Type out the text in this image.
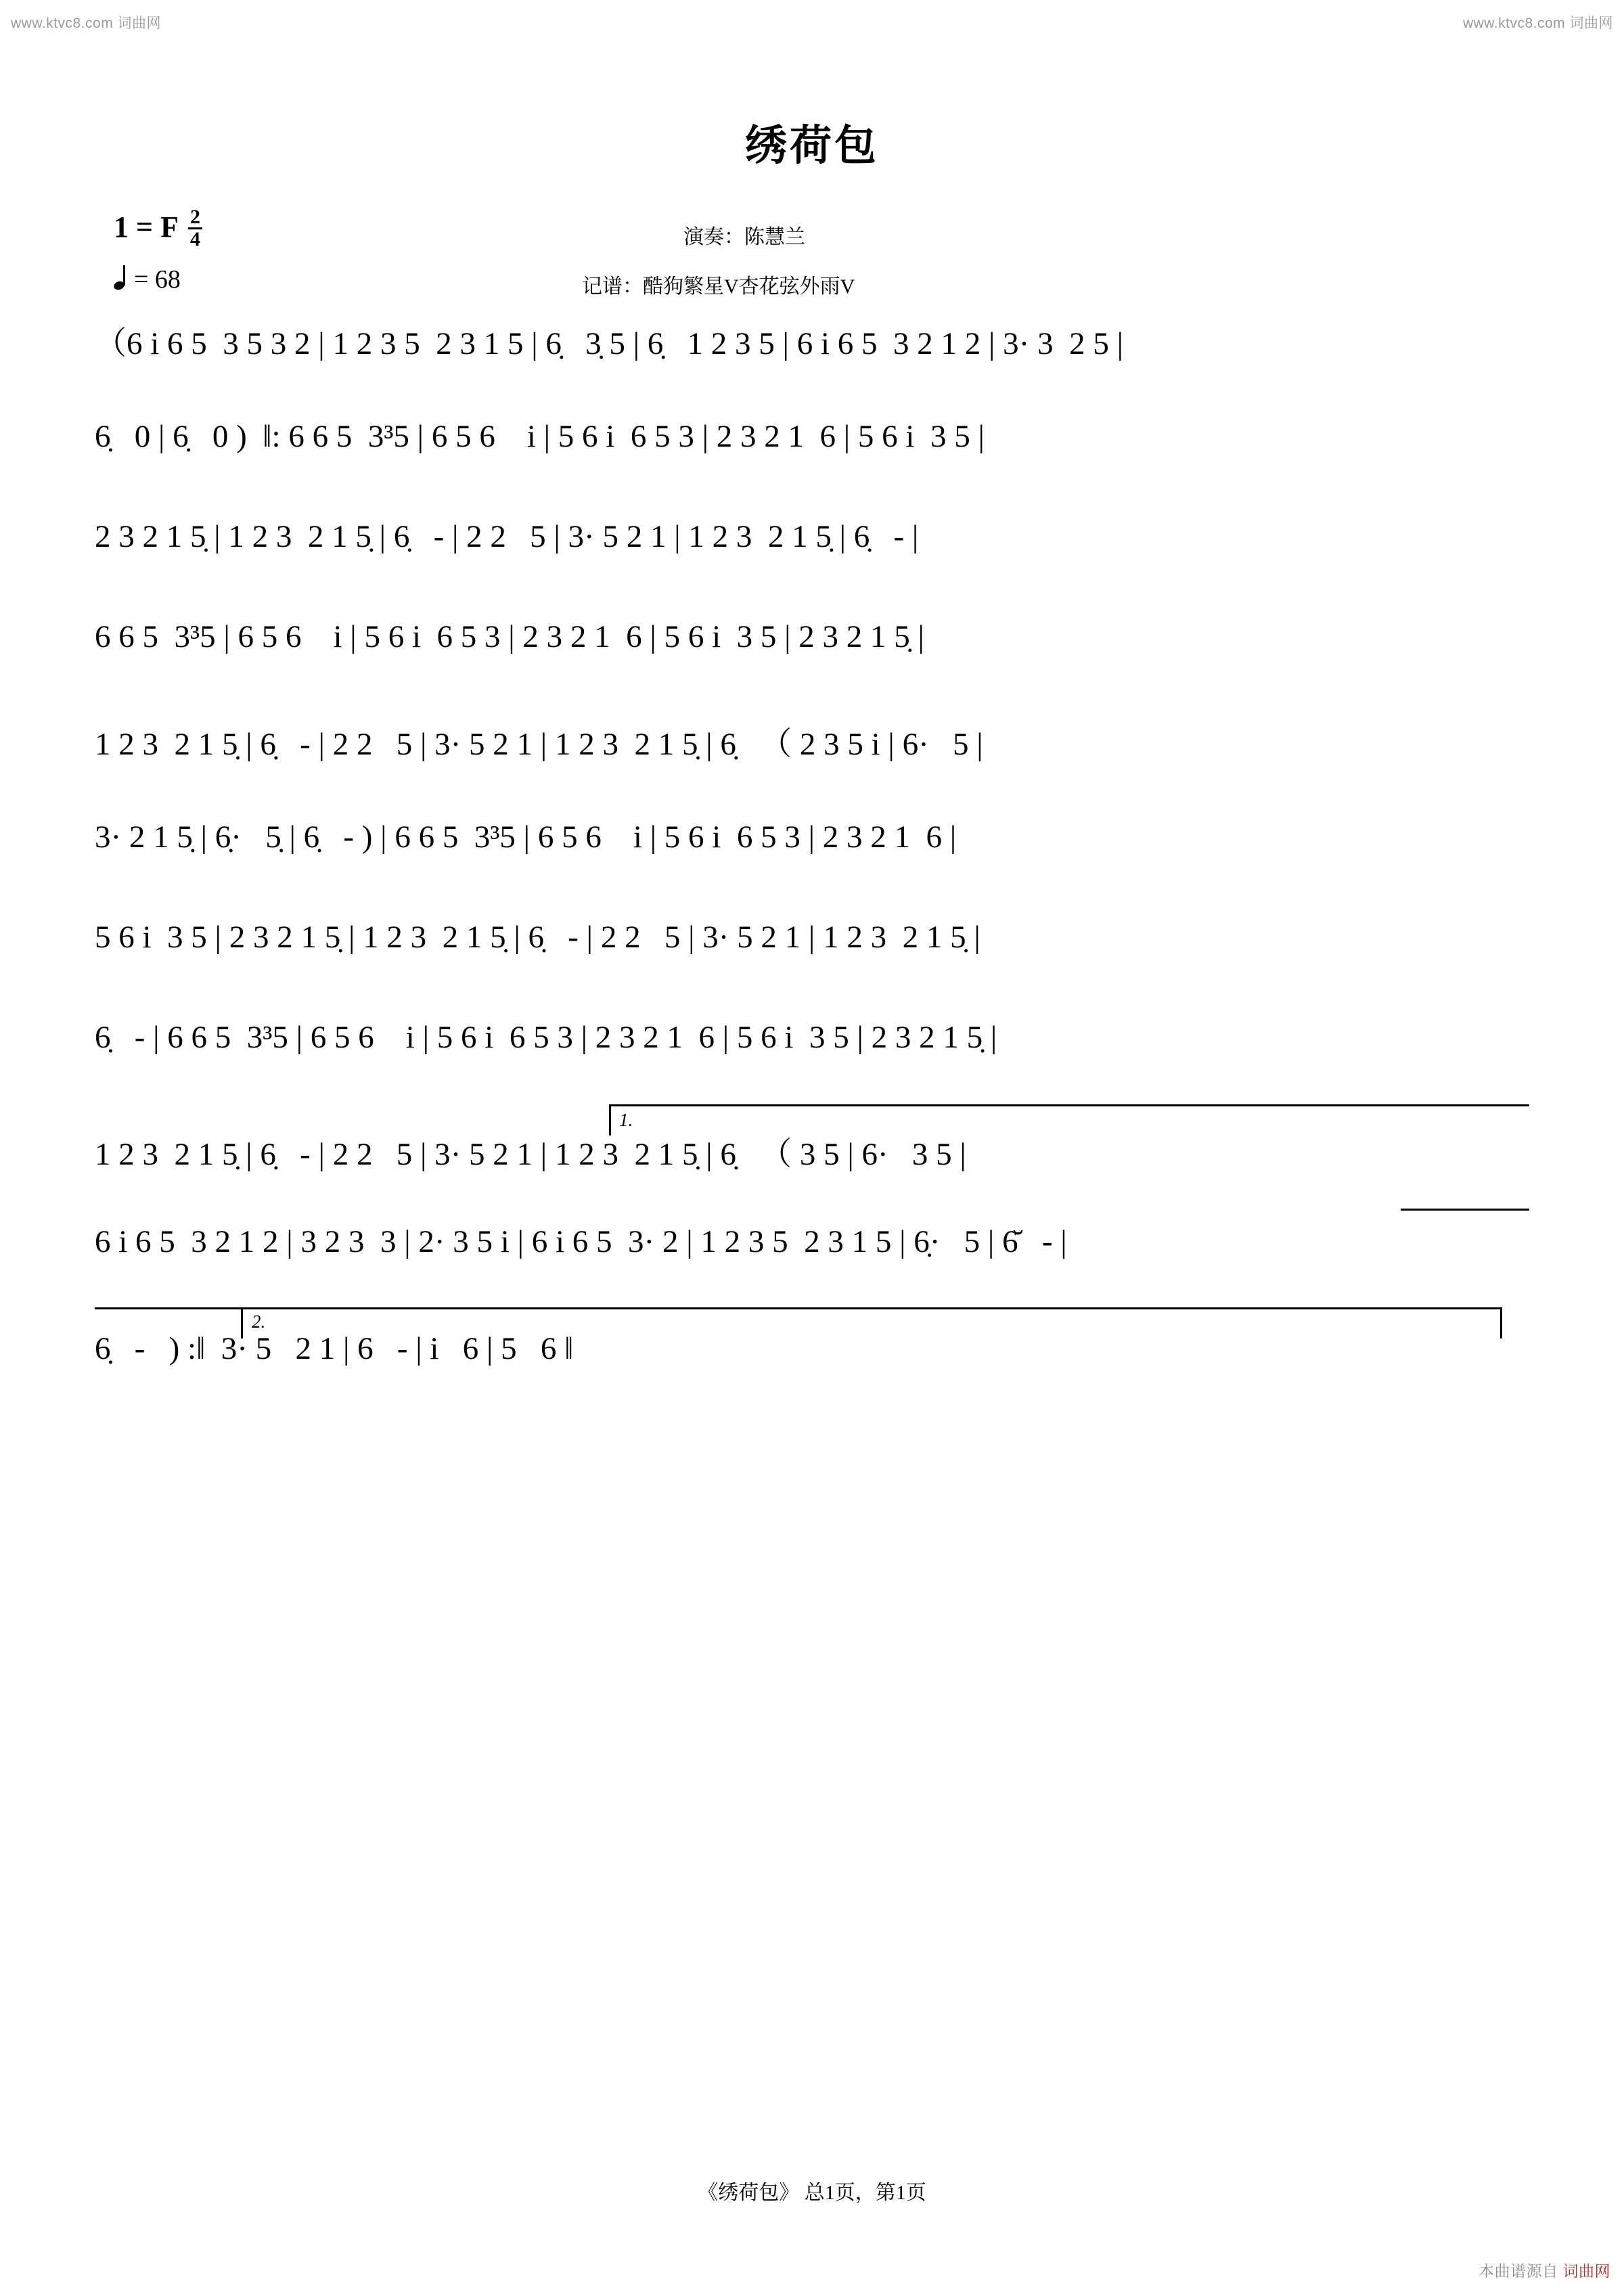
www.ktvc8.com 词曲网	www.ktvc8.com 词曲网
本曲谱源自 词曲网
绣荷包
演奏：陈慧兰
记谱：酷狗繁星V杏花弦外雨V
1 = F $\frac{2}{4}$
= 68
（6 i 6 5  3 5 3 2 | 1 2 3 5  2 3 1 5 | 6̣   3̣ 5 | 6̣   1 2 3 5 | 6 i 6 5  3 2 1 2 | 3· 3  2 5 |
6̣   0 | 6̣   0 )  ‖: 6 6 5  3³5 | 6 5 6    i | 5 6 i  6 5 3 | 2 3 2 1  6 | 5 6 i  3 5 |
2 3 2 1 5̣ | 1 2 3  2 1 5̣ | 6̣   - | 2 2   5 | 3· 5 2 1 | 1 2 3  2 1 5̣ | 6̣   - |
6 6 5  3³5 | 6 5 6    i | 5 6 i  6 5 3 | 2 3 2 1  6 | 5 6 i  3 5 | 2 3 2 1 5̣ |
1 2 3  2 1 5̣ | 6̣   - | 2 2   5 | 3· 5 2 1 | 1 2 3  2 1 5̣ | 6̣   （ 2 3 5 i | 6·   5 |
3· 2 1 5̣ | 6̣·   5̣ | 6̣   - ) | 6 6 5  3³5 | 6 5 6    i | 5 6 i  6 5 3 | 2 3 2 1  6 |
5 6 i  3 5 | 2 3 2 1 5̣ | 1 2 3  2 1 5̣ | 6̣   - | 2 2   5 | 3· 5 2 1 | 1 2 3  2 1 5̣ |
6̣   - | 6 6 5  3³5 | 6 5 6    i | 5 6 i  6 5 3 | 2 3 2 1  6 | 5 6 i  3 5 | 2 3 2 1 5̣ |
1.
1 2 3  2 1 5̣ | 6̣   - | 2 2   5 | 3· 5 2 1 | 1 2 3  2 1 5̣ | 6̣   （ 3 5 | 6·   3 5 |
6 i 6 5  3 2 1 2 | 3 2 3  3 | 2· 3 5 i | 6 i 6 5  3· 2 | 1 2 3 5  2 3 1 5 | 6̣·   5 | 6̆   - |
2.
6̣   -   ) :‖  3· 5   2 1 | 6   - | i   6 | 5   6 ‖
《绣荷包》 总1页，第1页
